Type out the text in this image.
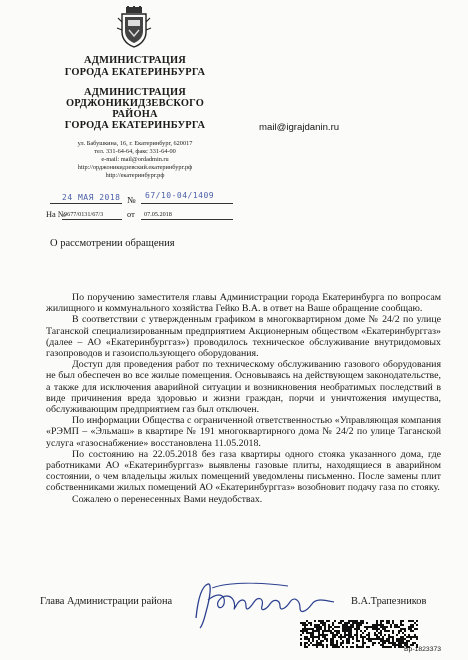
АДМИНИСТРАЦИЯ
ГОРОДА ЕКАТЕРИНБУРГА
АДМИНИСТРАЦИЯ
ОРДЖОНИКИДЗЕВСКОГО
РАЙОНА
ГОРОДА ЕКАТЕРИНБУРГА
ул. Бабушкина, 16, г. Екатеринбург, 620017
тел. 331-64-64, факс 331-64-00
e-mail: mail@ordadmin.ru
http://орджоникидзевский.екатеринбург.рф
http://екатеринбург.рф
mail@igrajdanin.ru
24 МАЯ 2018 № 67/10-04/1409
На №
9677/0131/67/3	от 07.05.2018
О рассмотрении обращения

По поручению заместителя главы Администрации города Екатеринбурга по вопросам жилищного и коммунального хозяйства Гейко В.А. в ответ на Ваше обращение сообщаю.

В соответствии с утвержденным графиком в многоквартирном доме № 24/2 по улице Таганской специализированным предприятием Акционерным обществом «Екатеринбурггаз» (далее – АО «Екатеринбурггаз») проводилось техническое обслуживание внутридомовых газопроводов и газоиспользующего оборудования.

Доступ для проведения работ по техническому обслуживанию газового оборудования не был обеспечен во все жилые помещения. Основываясь на действующем законодательстве, а также для исключения аварийной ситуации и возникновения необратимых последствий в виде причинения вреда здоровью и жизни граждан, порчи и уничтожения имущества, обслуживающим предприятием газ был отключен.

По информации Общества с ограниченной ответственностью «Управляющая компания «РЭМП – «Эльмаш» в квартире № 191 многоквартирного дома № 24/2 по улице Таганской услуга «газоснабжение» восстановлена 11.05.2018.

По состоянию на 22.05.2018 без газа квартиры одного стояка указанного дома, где работниками АО «Екатеринбурггаз» выявлены газовые плиты, находящиеся в аварийном состоянии, о чем владельцы жилых помещений уведомлены письменно. После замены плит собственниками жилых помещений АО «Екатеринбурггаз» возобновит подачу газа по стояку.

Сожалею о перенесенных Вами неудобствах.

Глава Администрации района	В.А.Трапезников
Вр-1823373
